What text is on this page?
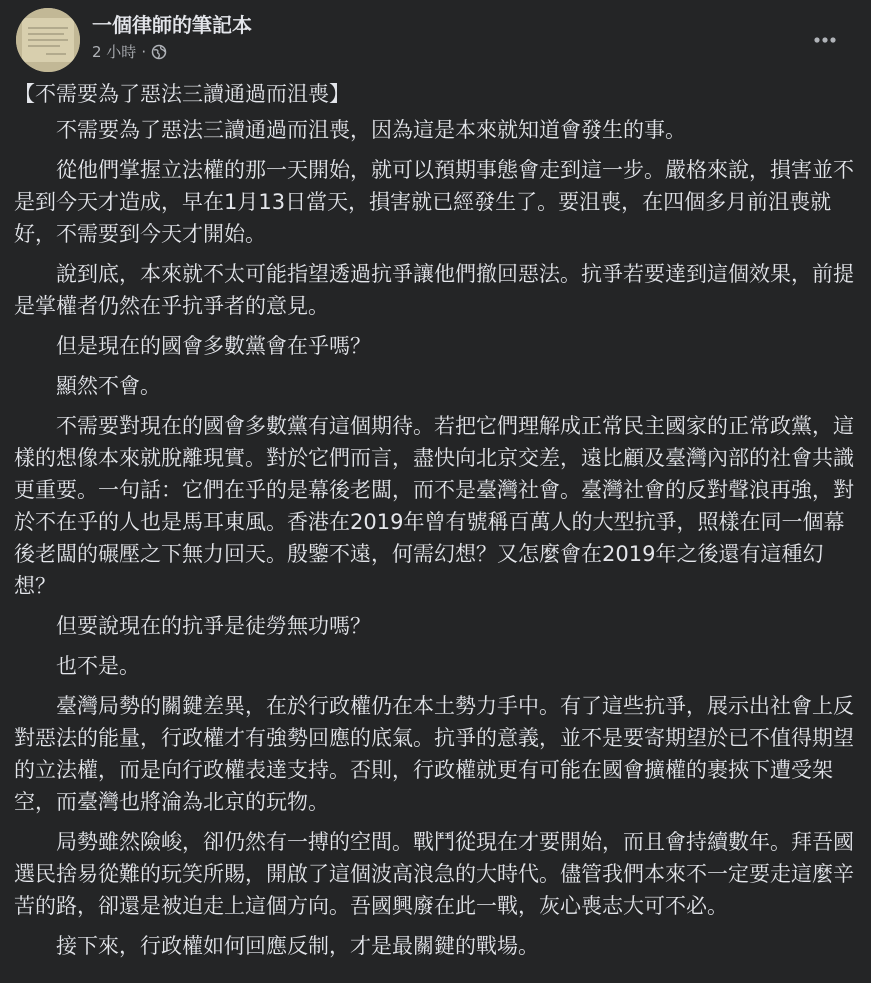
一個律師的筆記本
2 小時 ·

【不需要為了惡法三讀通過而沮喪】

不需要為了惡法三讀通過而沮喪，因為這是本來就知道會發生的事。

從他們掌握立法權的那一天開始，就可以預期事態會走到這一步。嚴格來說，損害並不是到今天才造成，早在1月13日當天，損害就已經發生了。要沮喪，在四個多月前沮喪就好，不需要到今天才開始。

說到底，本來就不太可能指望透過抗爭讓他們撤回惡法。抗爭若要達到這個效果，前提是掌權者仍然在乎抗爭者的意見。

但是現在的國會多數黨會在乎嗎？

顯然不會。

不需要對現在的國會多數黨有這個期待。若把它們理解成正常民主國家的正常政黨，這樣的想像本來就脫離現實。對於它們而言，盡快向北京交差，遠比顧及臺灣內部的社會共識更重要。一句話：它們在乎的是幕後老闆，而不是臺灣社會。臺灣社會的反對聲浪再強，對於不在乎的人也是馬耳東風。香港在2019年曾有號稱百萬人的大型抗爭，照樣在同一個幕後老闆的碾壓之下無力回天。殷鑒不遠，何需幻想？又怎麼會在2019年之後還有這種幻想？

但要說現在的抗爭是徒勞無功嗎？

也不是。

臺灣局勢的關鍵差異，在於行政權仍在本土勢力手中。有了這些抗爭，展示出社會上反對惡法的能量，行政權才有強勢回應的底氣。抗爭的意義，並不是要寄期望於已不值得期望的立法權，而是向行政權表達支持。否則，行政權就更有可能在國會擴權的裹挾下遭受架空，而臺灣也將淪為北京的玩物。

局勢雖然險峻，卻仍然有一搏的空間。戰鬥從現在才要開始，而且會持續數年。拜吾國選民捨易從難的玩笑所賜，開啟了這個波高浪急的大時代。儘管我們本來不一定要走這麼辛苦的路，卻還是被迫走上這個方向。吾國興廢在此一戰，灰心喪志大可不必。

接下來，行政權如何回應反制，才是最關鍵的戰場。
